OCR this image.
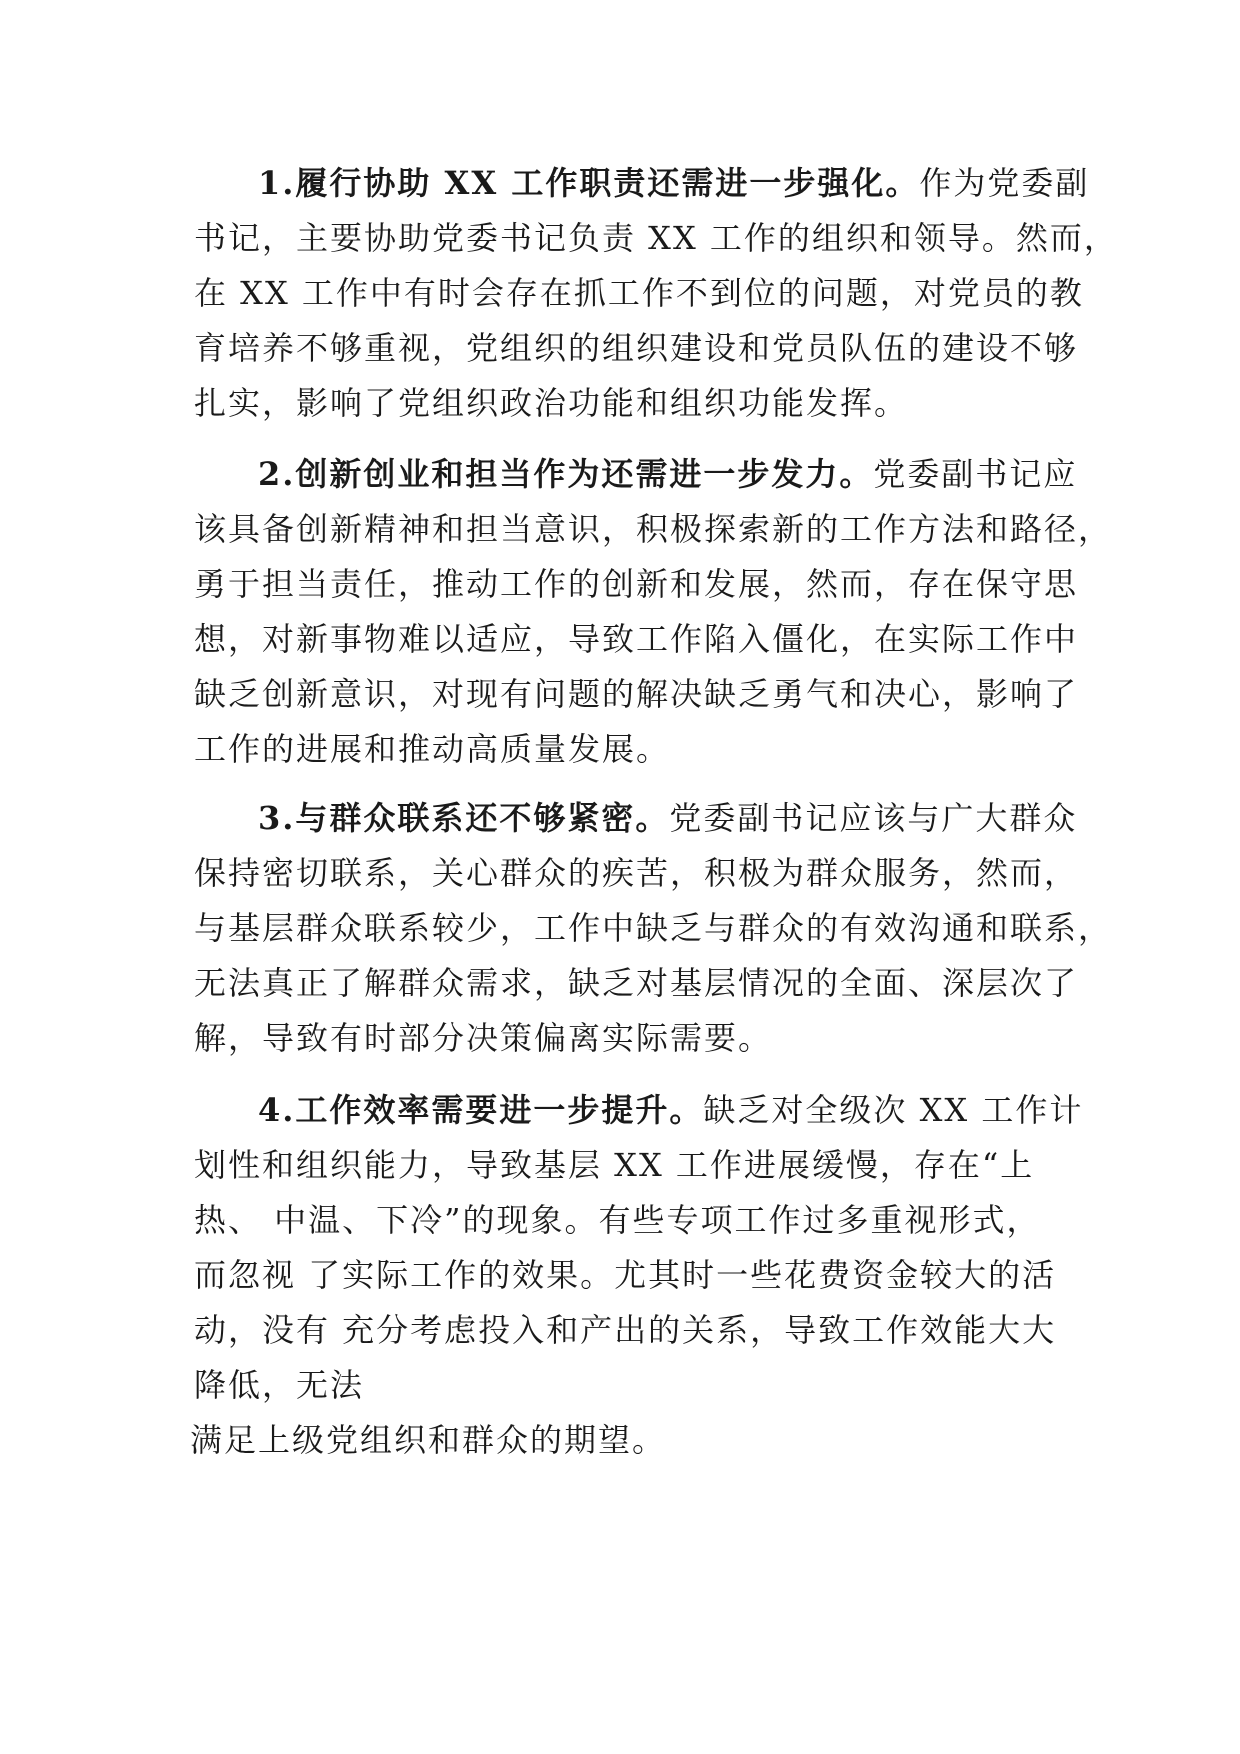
1.履行协助 XX 工作职责还需进一步强化。作为党委副
书记，主要协助党委书记负责 XX 工作的组织和领导。然而，
在 XX 工作中有时会存在抓工作不到位的问题，对党员的教
育培养不够重视，党组织的组织建设和党员队伍的建设不够
扎实，影响了党组织政治功能和组织功能发挥。
2.创新创业和担当作为还需进一步发力。党委副书记应
该具备创新精神和担当意识，积极探索新的工作方法和路径，
勇于担当责任，推动工作的创新和发展，然而，存在保守思
想，对新事物难以适应，导致工作陷入僵化，在实际工作中
缺乏创新意识，对现有问题的解决缺乏勇气和决心，影响了
工作的进展和推动高质量发展。
3.与群众联系还不够紧密。党委副书记应该与广大群众
保持密切联系，关心群众的疾苦，积极为群众服务，然而，
与基层群众联系较少，工作中缺乏与群众的有效沟通和联系，
无法真正了解群众需求，缺乏对基层情况的全面、深层次了
解，导致有时部分决策偏离实际需要。
4.工作效率需要进一步提升。缺乏对全级次 XX 工作计
划性和组织能力，导致基层 XX 工作进展缓慢，存在“上
热、 中温、下冷”的现象。有些专项工作过多重视形式，
而忽视 了实际工作的效果。尤其时一些花费资金较大的活
动，没有 充分考虑投入和产出的关系，导致工作效能大大
降低，无法
满足上级党组织和群众的期望。
